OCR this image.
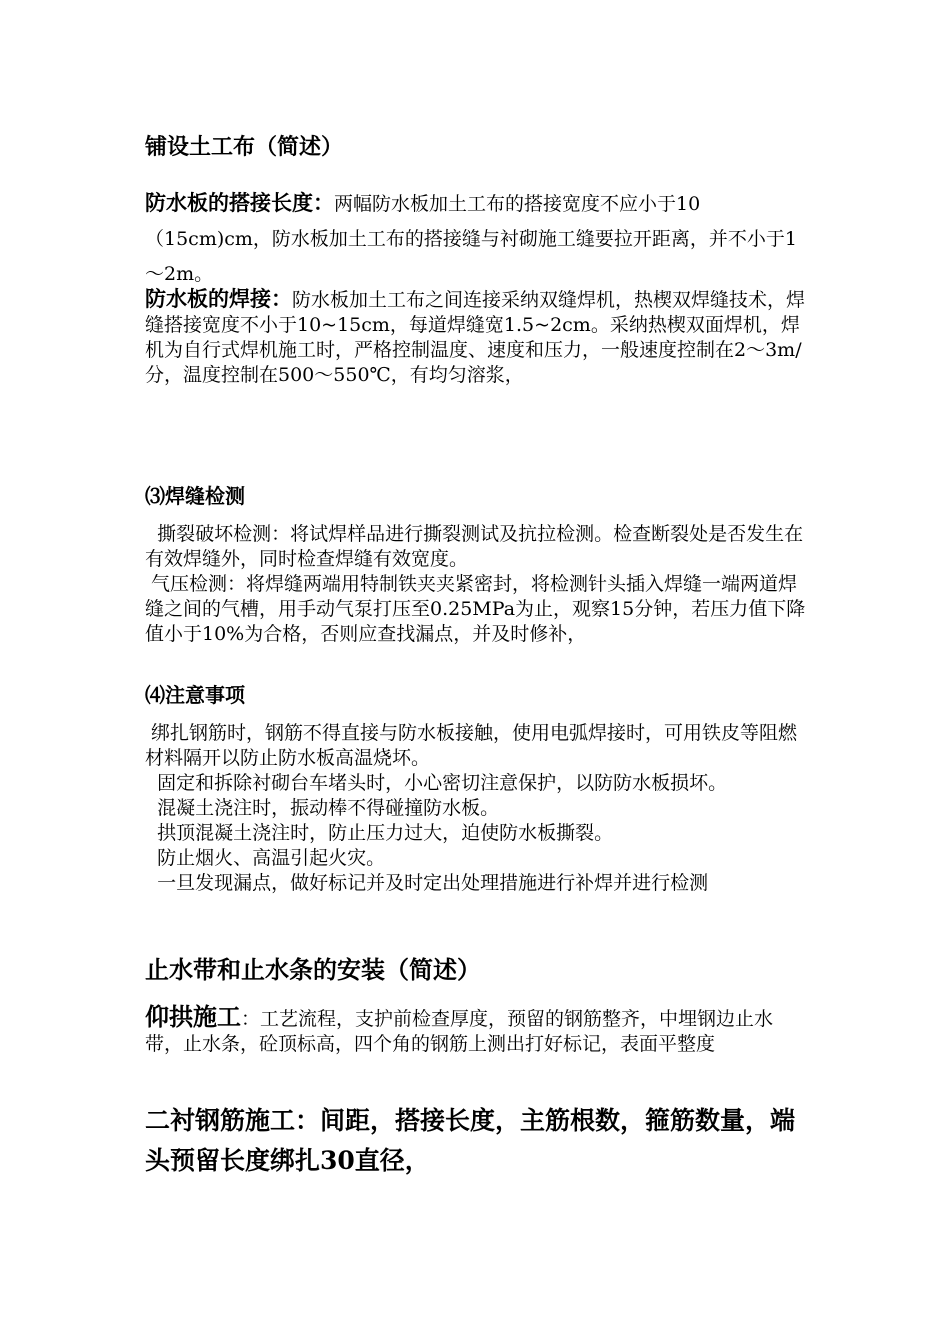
铺设土工布（简述）

防水板的搭接长度：两幅防水板加土工布的搭接宽度不应小于10（15cm)cm，防水板加土工布的搭接缝与衬砌施工缝要拉开距离，并不小于1～2m。

防水板的焊接：防水板加土工布之间连接采纳双缝焊机，热楔双焊缝技术，焊缝搭接宽度不小于10~15cm，每道焊缝宽1.5~2cm。采纳热楔双面焊机，焊机为自行式焊机施工时，严格控制温度、速度和压力，一般速度控制在2～3m/分，温度控制在500～550℃，有均匀溶浆，

⑶焊缝检测

撕裂破坏检测：将试焊样品进行撕裂测试及抗拉检测。检查断裂处是否发生在有效焊缝外，同时检查焊缝有效宽度。

气压检测：将焊缝两端用特制铁夹夹紧密封，将检测针头插入焊缝一端两道焊缝之间的气槽，用手动气泵打压至0.25MPa为止，观察15分钟，若压力值下降值小于10%为合格，否则应查找漏点，并及时修补，

⑷注意事项

绑扎钢筋时，钢筋不得直接与防水板接触，使用电弧焊接时，可用铁皮等阻燃材料隔开以防止防水板高温烧坏。
固定和拆除衬砌台车堵头时，小心密切注意保护，以防防水板损坏。
混凝土浇注时，振动棒不得碰撞防水板。
拱顶混凝土浇注时，防止压力过大，迫使防水板撕裂。
防止烟火、高温引起火灾。
一旦发现漏点，做好标记并及时定出处理措施进行补焊并进行检测

止水带和止水条的安装（简述）

仰拱施工：工艺流程，支护前检查厚度，预留的钢筋整齐，中埋钢边止水带，止水条，砼顶标高，四个角的钢筋上测出打好标记，表面平整度

二衬钢筋施工：间距，搭接长度，主筋根数，箍筋数量，端头预留长度绑扎30直径，
